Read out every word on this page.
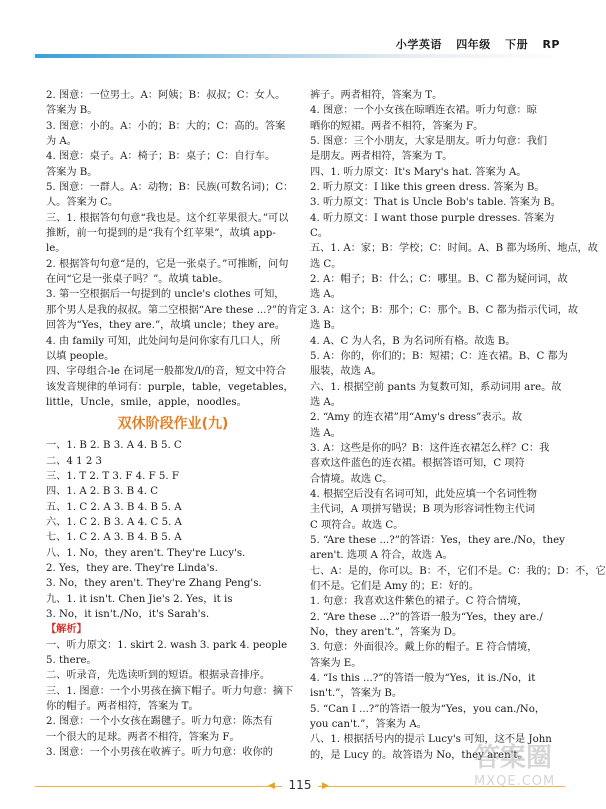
小学英语 四年级 下册 RP
2. 图意：一位男士。A：阿姨；B：叔叔；C：女人。
答案为 B。
3. 图意：小的。A：小的；B：大的；C：高的。答案
为 A。
4. 图意：桌子。A：椅子；B：桌子；C：自行车。
答案为 B。
5. 图意：一群人。A：动物；B：民族(可数名词)；C：
人。答案为 C。
三、1. 根据答句句意“我也是。这个红苹果很大。”可以
推断，前一句提到的是“我有个红苹果”，故填 app-
le。
2. 根据答句句意“是的，它是一张桌子。”可推断，问句
在问“它是一张桌子吗？”。故填 table。
3. 第一空根据后一句提到的 uncle's clothes 可知，
那个男人是我的叔叔。第二空根据“Are these ...?”的肯定
回答为“Yes，they are.”，故填 uncle；they are。
4. 由 family 可知，此处问句是问你家有几口人，所
以填 people。
四、字母组合-le 在词尾一般都发/l/的音，短文中符合
该发音规律的单词有：purple，table，vegetables，
little，Uncle，smile，apple，noodles。
双休阶段作业(九)
一、1. B 2. B 3. A 4. B 5. C
二、4 1 2 3
三、1. T 2. T 3. F 4. F 5. F
四、1. A 2. B 3. B 4. C
五、1. C 2. A 3. B 4. B 5. A
六、1. C 2. B 3. A 4. C 5. A
七、1. C 2. A 3. B 4. B 5. A
八、1. No，they aren't. They're Lucy's.
2. Yes，they are. They're Linda's.
3. No，they aren't. They're Zhang Peng's.
九、1. it isn't. Chen Jie's 2. Yes，it is
3. No，it isn't./No，it's Sarah's.
【解析】
一、听力原文：1. skirt 2. wash 3. park 4. people
5. there。
二、听录音，先选读听到的短语。根据录音排序。
三、1. 图意：一个小男孩在摘下帽子。听力句意：摘下
你的帽子。两者相符，答案为 T。
2. 图意：一个小女孩在踢毽子。听力句意：陈杰有
一个很大的足球。两者不相符，答案为 F。
3. 图意：一个小男孩在收裤子。听力句意：收你的
裤子。两者相符，答案为 T。
4. 图意：一个小女孩在晾晒连衣裙。听力句意：晾
晒你的短裙。两者不相符，答案为 F。
5. 图意：三个小朋友，大家是朋友。听力句意：我们
是朋友。两者相符，答案为 T。
四、1. 听力原文：It's Mary's hat. 答案为 A。
2. 听力原文：I like this green dress. 答案为 B。
3. 听力原文：That is Uncle Bob's table. 答案为 B。
4. 听力原文：I want those purple dresses. 答案为
C。
五、1. A：家；B：学校；C：时间。A、B 都为场所、地点，故
选 C。
2. A：帽子；B：什么；C：哪里。B、C 都为疑问词，故
选 A。
3. A：这个；B：那个；C：那个。B、C 都为指示代词，故
选 B。
4. A、C 为人名，B 为名词所有格。故选 B。
5. A：你的，你们的；B：短裙；C：连衣裙。B、C 都为
服装，故选 A。
六、1. 根据空前 pants 为复数可知，系动词用 are。故
选 A。
2. “Amy 的连衣裙”用“Amy's dress”表示。故
选 A。
3. A：这些是你的吗？B：这件连衣裙怎么样？C：我
喜欢这件蓝色的连衣裙。根据答语可知，C 项符
合情境。故选 C。
4. 根据空后没有名词可知，此处应填一个名词性物
主代词，A 项拼写错误；B 项为形容词性物主代词
C 项符合。故选 C。
5. “Are these ...?”的答语：Yes，they are./No，they
aren't. 选项 A 符合，故选 A。
七、A：是的，你可以。B：不，它们不是。C：我的；D：不，它
们不是。它们是 Amy 的；E：好的。
1. 句意：我喜欢这件紫色的裙子。C 符合情境，
2. “Are these ...?”的答语一般为“Yes，they are./
No，they aren't.”，答案为 D。
3. 句意：外面很冷。戴上你的帽子。E 符合情境，
答案为 E。
4. “Is this ...?”的答语一般为“Yes，it is./No，it
isn't.”，答案为 B。
5. “Can I ...?”的答语一般为“Yes，you can./No，
you can't.”，答案为 A。
八、1. 根据括号内的提示 Lucy's 可知，这不是 John
的，是 Lucy 的。故答语为 No，they aren't。
◀	115	▶
答案圈
MXQE.COM
